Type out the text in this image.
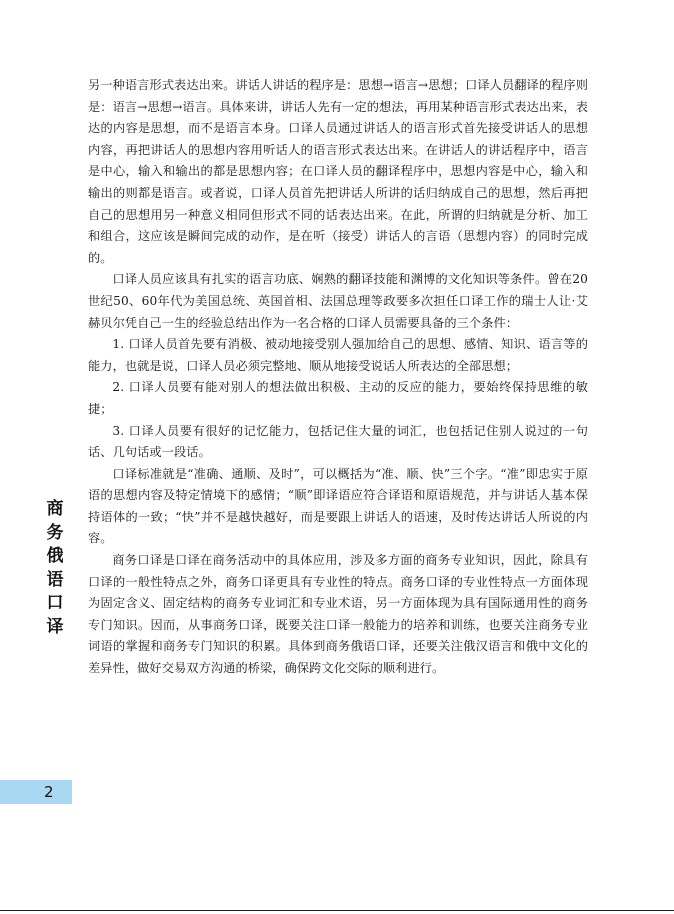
另一种语言形式表达出来。讲话人讲话的程序是：思想→语言→思想；口译人员翻译的程序则是：语言→思想→语言。具体来讲，讲话人先有一定的想法，再用某种语言形式表达出来，表达的内容是思想，而不是语言本身。口译人员通过讲话人的语言形式首先接受讲话人的思想内容，再把讲话人的思想内容用听话人的语言形式表达出来。在讲话人的讲话程序中，语言是中心，输入和输出的都是思想内容；在口译人员的翻译程序中，思想内容是中心，输入和输出的则都是语言。或者说，口译人员首先把讲话人所讲的话归纳成自己的思想，然后再把自己的思想用另一种意义相同但形式不同的话表达出来。在此，所谓的归纳就是分析、加工和组合，这应该是瞬间完成的动作，是在听（接受）讲话人的言语（思想内容）的同时完成的。

口译人员应该具有扎实的语言功底、娴熟的翻译技能和渊博的文化知识等条件。曾在20世纪50、60年代为美国总统、英国首相、法国总理等政要多次担任口译工作的瑞士人让·艾赫贝尔凭自己一生的经验总结出作为一名合格的口译人员需要具备的三个条件：

1. 口译人员首先要有消极、被动地接受别人强加给自己的思想、感情、知识、语言等的能力，也就是说，口译人员必须完整地、顺从地接受说话人所表达的全部思想；

2. 口译人员要有能对别人的想法做出积极、主动的反应的能力，要始终保持思维的敏捷；

3. 口译人员要有很好的记忆能力，包括记住大量的词汇，也包括记住别人说过的一句话、几句话或一段话。

口译标准就是“准确、通顺、及时”，可以概括为“准、顺、快”三个字。“准”即忠实于原语的思想内容及特定情境下的感情；“顺”即译语应符合译语和原语规范，并与讲话人基本保持语体的一致；“快”并不是越快越好，而是要跟上讲话人的语速，及时传达讲话人所说的内容。

商务口译是口译在商务活动中的具体应用，涉及多方面的商务专业知识，因此，除具有口译的一般性特点之外，商务口译更具有专业性的特点。商务口译的专业性特点一方面体现为固定含义、固定结构的商务专业词汇和专业术语，另一方面体现为具有国际通用性的商务专门知识。因而，从事商务口译，既要关注口译一般能力的培养和训练，也要关注商务专业词语的掌握和商务专门知识的积累。具体到商务俄语口译，还要关注俄汉语言和俄中文化的差异性，做好交易双方沟通的桥梁，确保跨文化交际的顺利进行。

商
务
俄
语
口
译
2
